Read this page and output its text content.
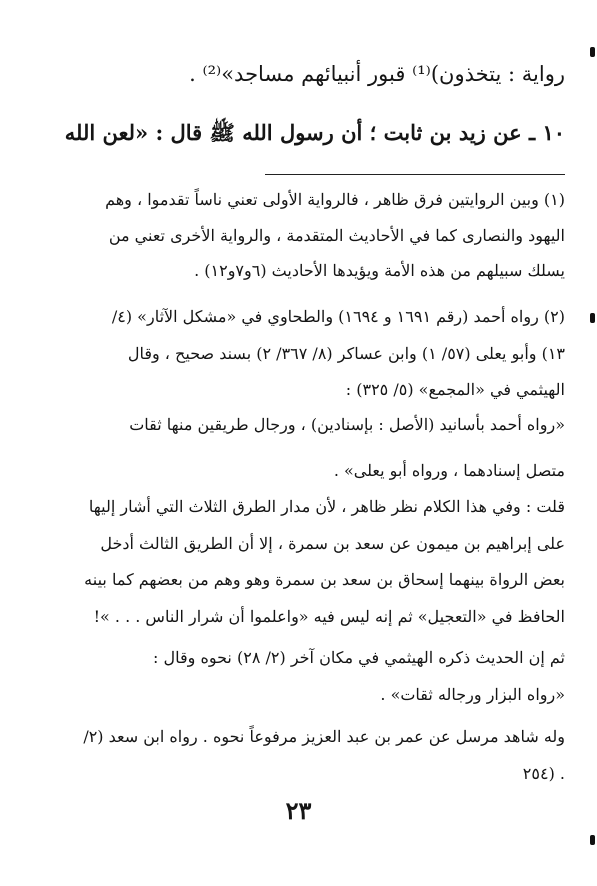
رواية : يتخذون)⁽¹⁾ قبور أنبيائهم مساجد»⁽²⁾ .
١٠ ـ عن زيد بن ثابت ؛ أن رسول الله ﷺ قال : «لعن الله
(١) وبين الروايتين فرق ظاهر ، فالرواية الأولى تعني ناساً تقدموا ، وهم
اليهود والنصارى كما في الأحاديث المتقدمة ، والرواية الأخرى تعني من
يسلك سبيلهم من هذه الأمة ويؤيدها الأحاديث (٦و٧و١٢) .
(٢) رواه أحمد (رقم ١٦٩١ و ١٦٩٤) والطحاوي في «مشكل الآثار» (٤/
١٣) وأبو يعلى (٥٧/ ١) وابن عساكر (٨/ ٣٦٧/ ٢) بسند صحيح ، وقال
الهيثمي في «المجمع» (٥/ ٣٢٥) :
«رواه أحمد بأسانيد (الأصل : بإسنادين) ، ورجال طريقين منها ثقات
متصل إسنادهما ، ورواه أبو يعلى» .
قلت : وفي هذا الكلام نظر ظاهر ، لأن مدار الطرق الثلاث التي أشار إليها
على إبراهيم بن ميمون عن سعد بن سمرة ، إلا أن الطريق الثالث أدخل
بعض الرواة بينهما إسحاق بن سعد بن سمرة وهو وهم من بعضهم كما بينه
الحافظ في «التعجيل» ثم إنه ليس فيه «واعلموا أن شرار الناس . . . »!
ثم إن الحديث ذكره الهيثمي في مكان آخر (٢/ ٢٨) نحوه وقال :
«رواه البزار ورجاله ثقات» .
وله شاهد مرسل عن عمر بن عبد العزيز مرفوعاً نحوه . رواه ابن سعد (٢/
٢٥٤) .
٢٣
